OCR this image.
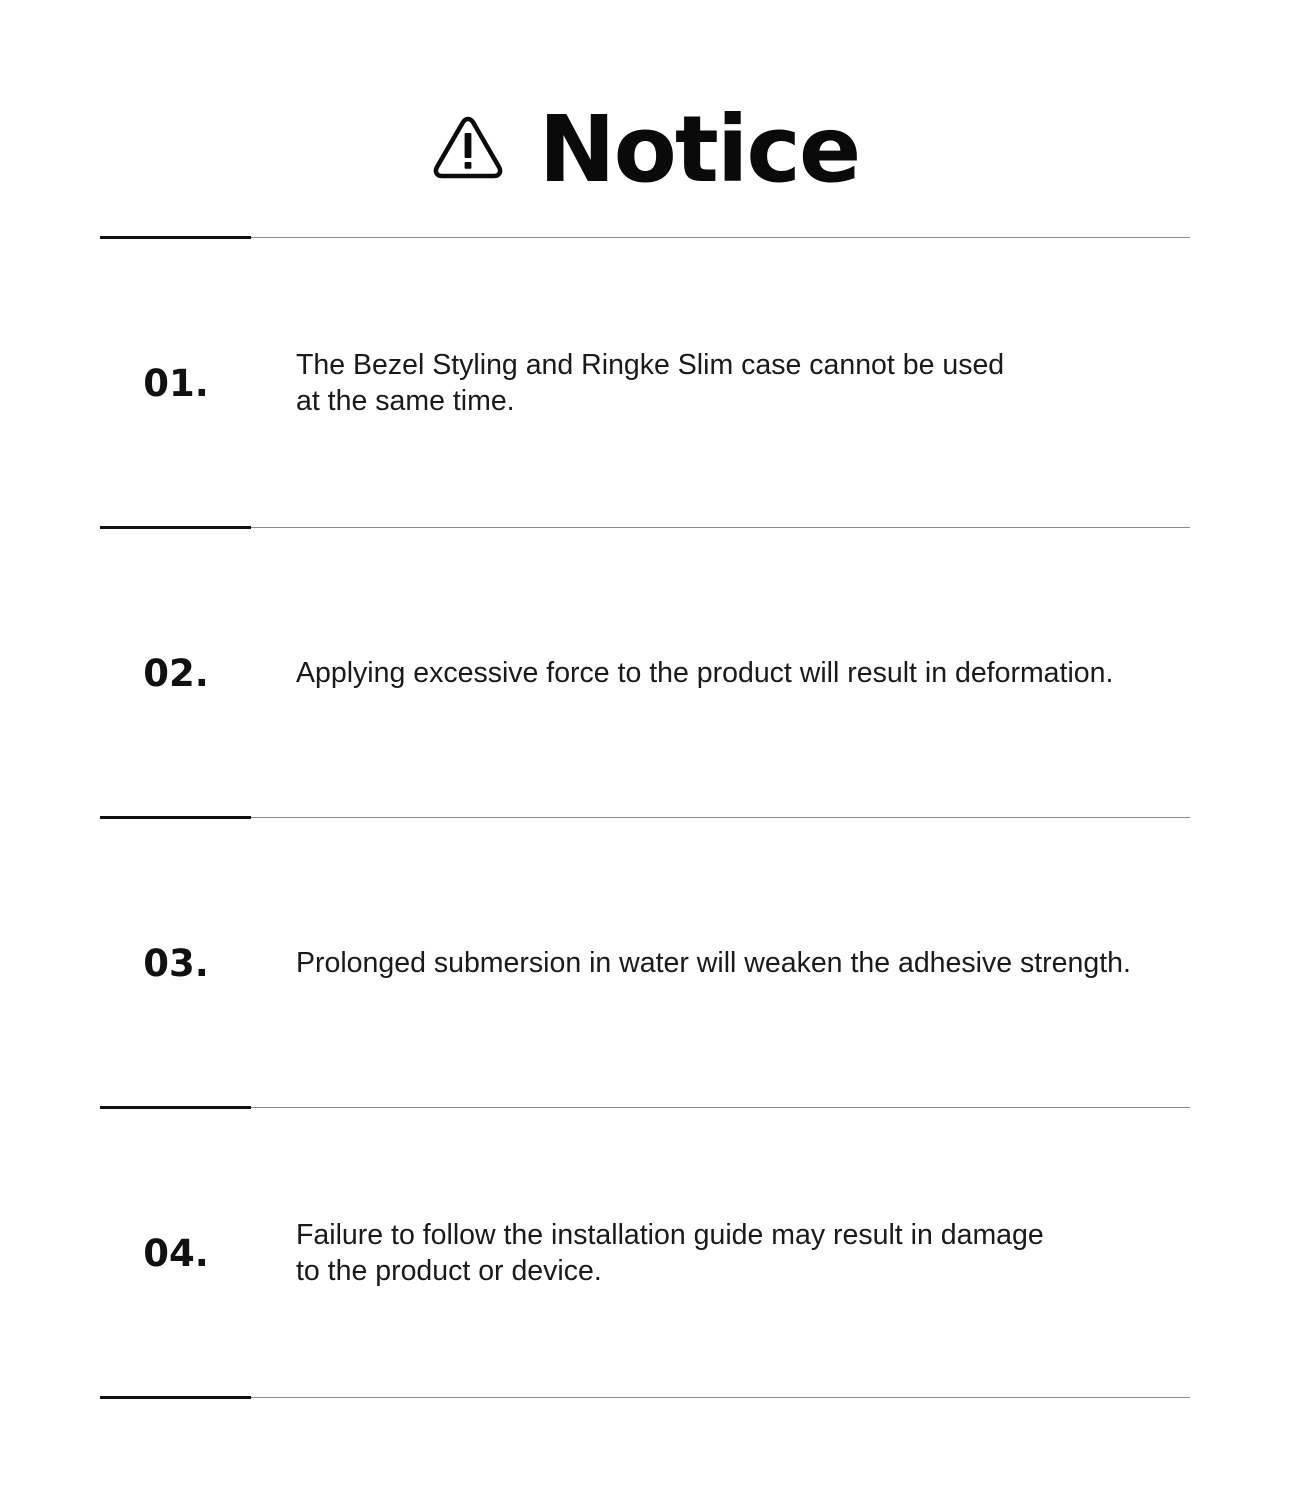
Notice
01.	The Bezel Styling and Ringke Slim case cannot be used
at the same time.
02.	Applying excessive force to the product will result in deformation.
03.	Prolonged submersion in water will weaken the adhesive strength.
04.	Failure to follow the installation guide may result in damage
to the product or device.
